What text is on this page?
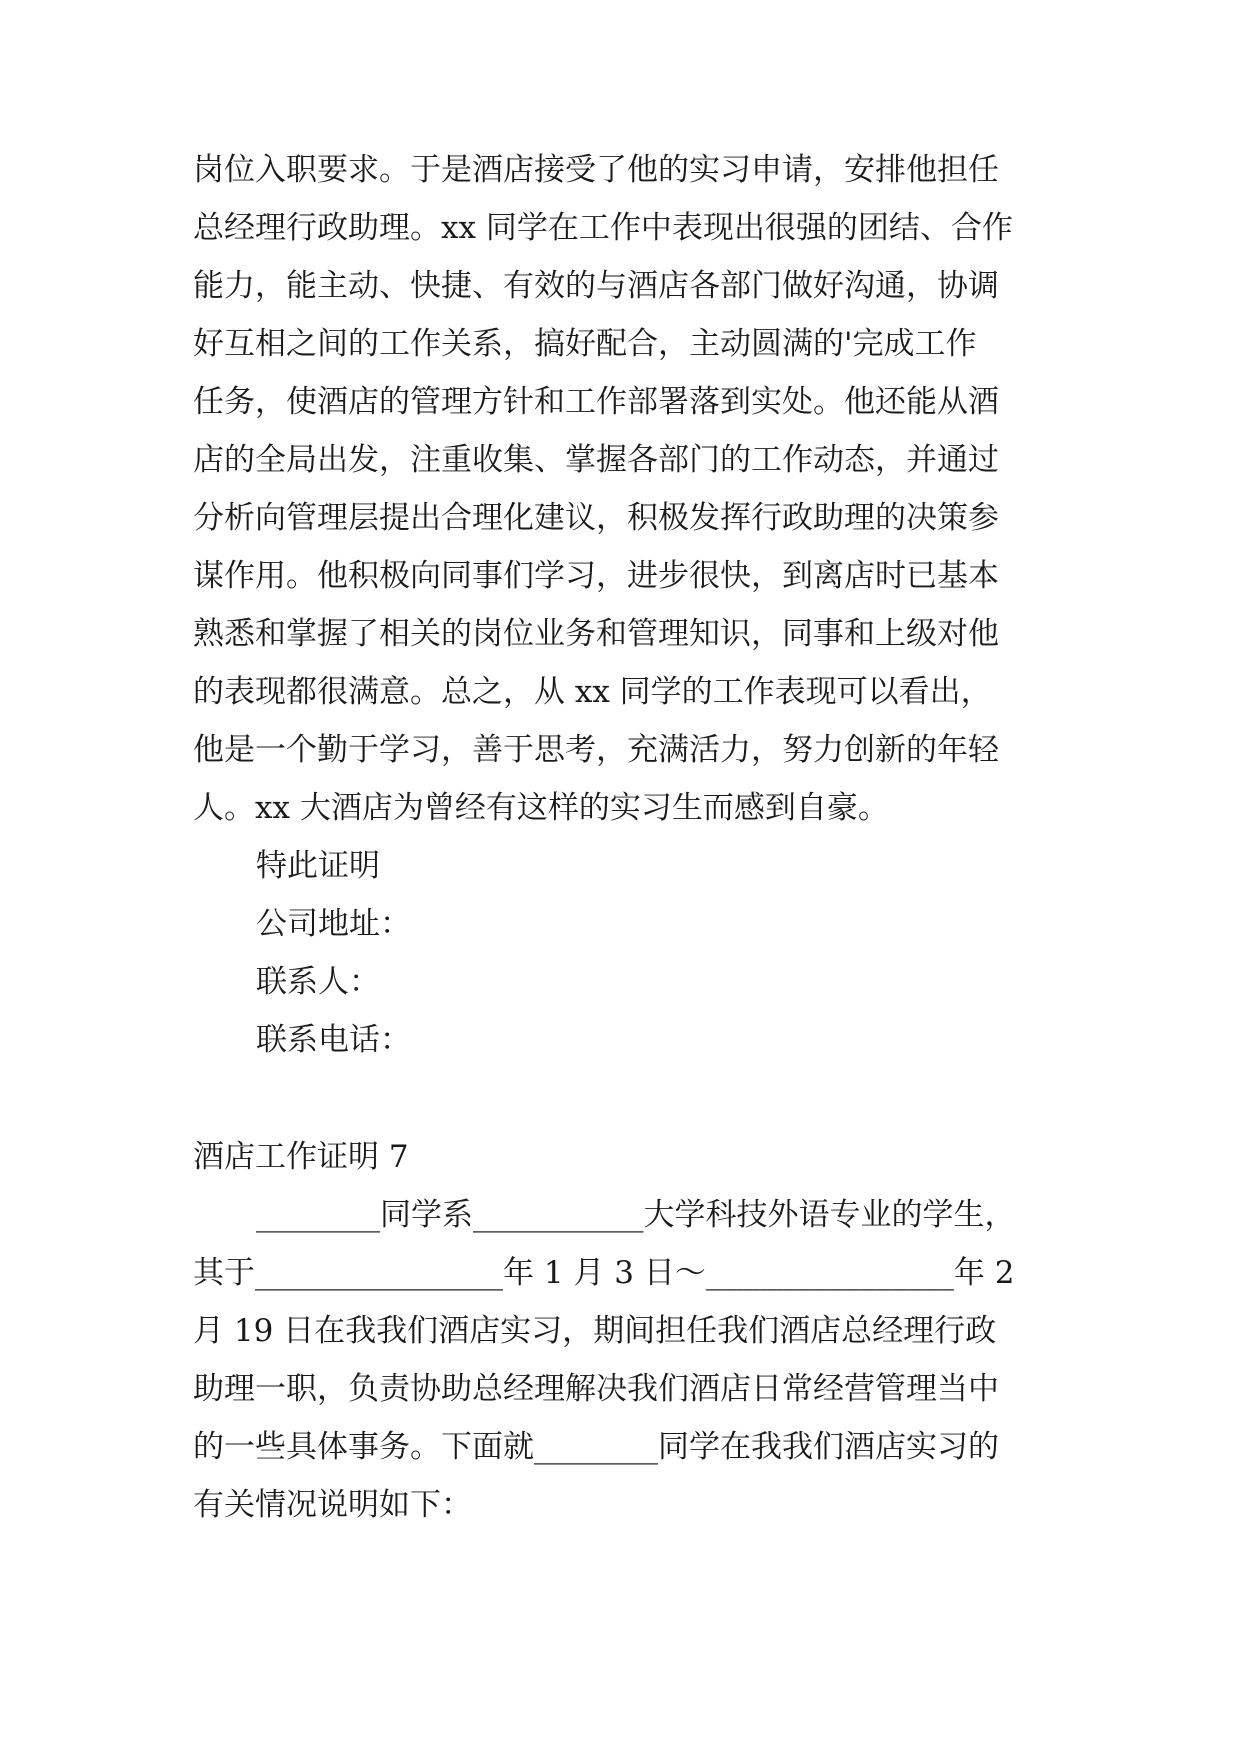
岗位入职要求。于是酒店接受了他的实习申请，安排他担任
总经理行政助理。xx 同学在工作中表现出很强的团结、合作
能力，能主动、快捷、有效的与酒店各部门做好沟通，协调
好互相之间的工作关系，搞好配合，主动圆满的'完成工作
任务，使酒店的管理方针和工作部署落到实处。他还能从酒
店的全局出发，注重收集、掌握各部门的工作动态，并通过
分析向管理层提出合理化建议，积极发挥行政助理的决策参
谋作用。他积极向同事们学习，进步很快，到离店时已基本
熟悉和掌握了相关的岗位业务和管理知识，同事和上级对他
的表现都很满意。总之，从 xx 同学的工作表现可以看出，
他是一个勤于学习，善于思考，充满活力，努力创新的年轻
人。xx 大酒店为曾经有这样的实习生而感到自豪。
特此证明
公司地址：
联系人：
联系电话：
酒店工作证明 7
________同学系___________大学科技外语专业的学生，
其于________________年 1 月 3 日～________________年 2
月 19 日在我我们酒店实习，期间担任我们酒店总经理行政
助理一职，负责协助总经理解决我们酒店日常经营管理当中
的一些具体事务。下面就________同学在我我们酒店实习的
有关情况说明如下：
